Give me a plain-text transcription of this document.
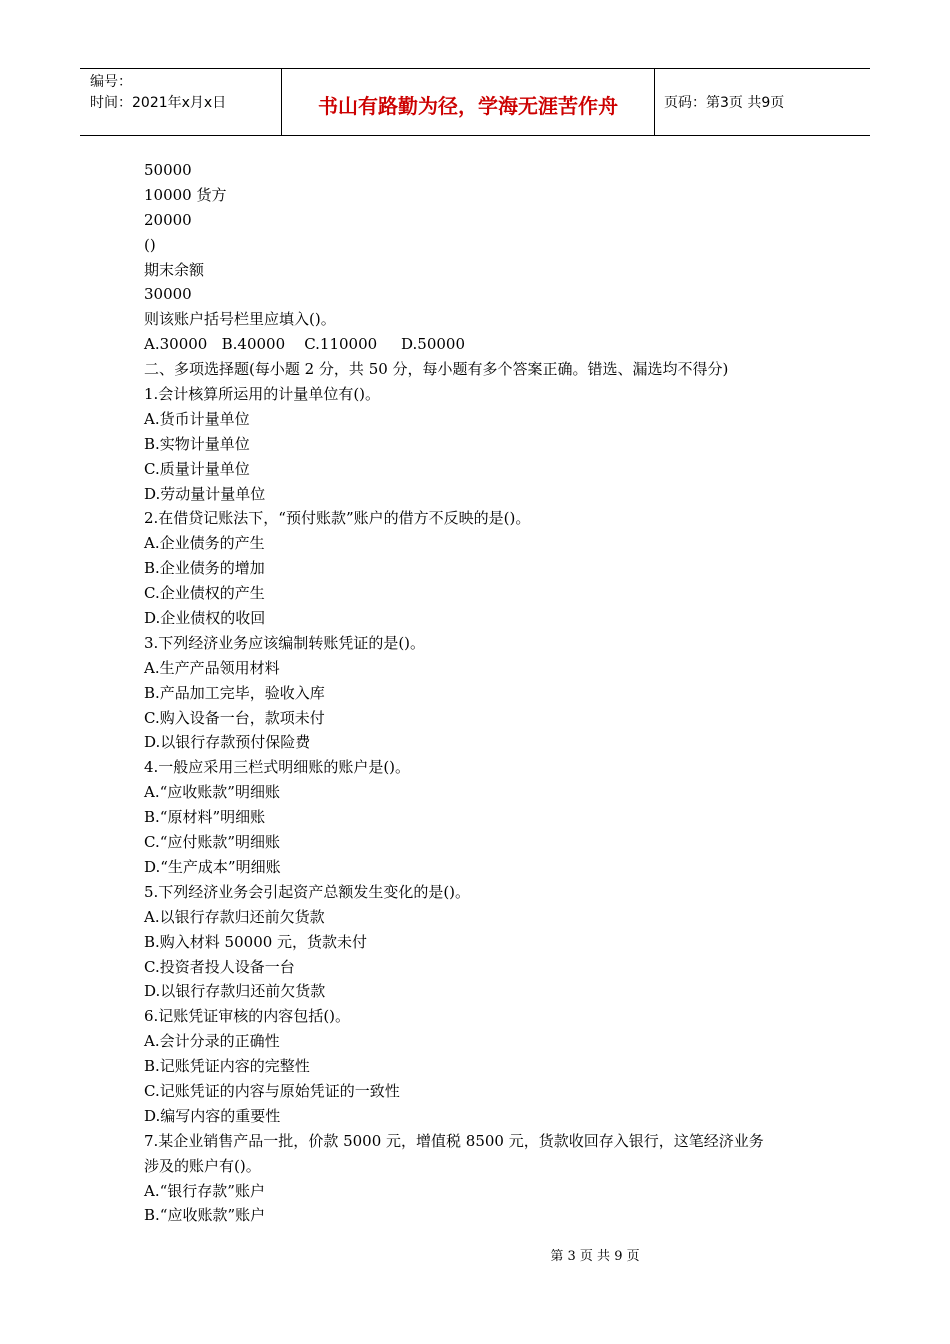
编号：
时间：2021年x月x日	书山有路勤为径，学海无涯苦作舟	页码：第3页 共9页
50000
10000 货方
20000
()
期末余额
30000
则该账户括号栏里应填入()。
A.30000   B.40000    C.110000     D.50000
二、多项选择题(每小题 2 分，共 50 分，每小题有多个答案正确。错选、漏选均不得分)
1.会计核算所运用的计量单位有()。
A.货币计量单位
B.实物计量单位
C.质量计量单位
D.劳动量计量单位
2.在借贷记账法下，“预付账款”账户的借方不反映的是()。
A.企业债务的产生
B.企业债务的增加
C.企业债权的产生
D.企业债权的收回
3.下列经济业务应该编制转账凭证的是()。
A.生产产品领用材料
B.产品加工完毕，验收入库
C.购入设备一台，款项未付
D.以银行存款预付保险费
4.一般应采用三栏式明细账的账户是()。
A.“应收账款”明细账
B.“原材料”明细账
C.“应付账款”明细账
D.“生产成本”明细账
5.下列经济业务会引起资产总额发生变化的是()。
A.以银行存款归还前欠货款
B.购入材料 50000 元，货款未付
C.投资者投人设备一台
D.以银行存款归还前欠货款
6.记账凭证审核的内容包括()。
A.会计分录的正确性
B.记账凭证内容的完整性
C.记账凭证的内容与原始凭证的一致性
D.编写内容的重要性
7.某企业销售产品一批，价款 5000 元，增值税 8500 元，货款收回存入银行，这笔经济业务
涉及的账户有()。
A.“银行存款”账户
B.“应收账款”账户
第 3 页 共 9 页
